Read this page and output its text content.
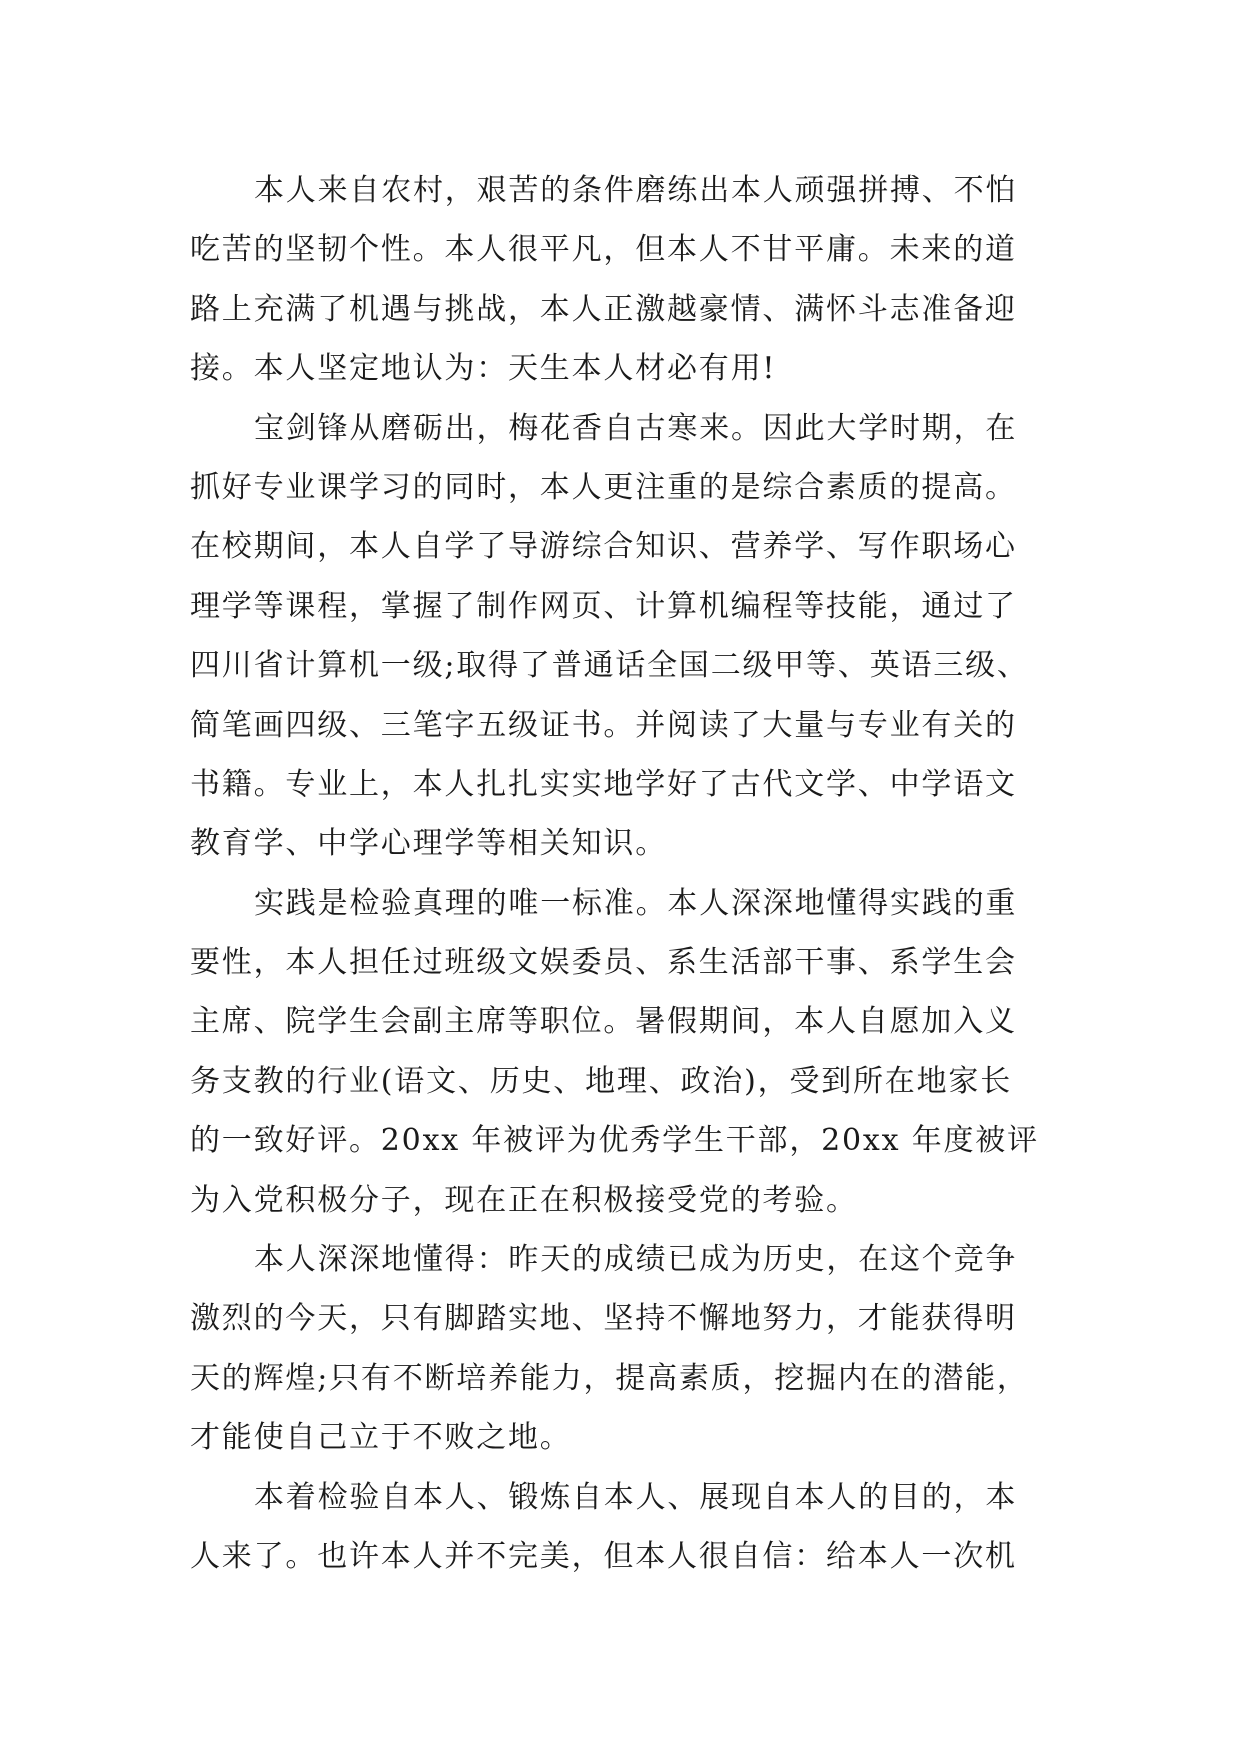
本人来自农村，艰苦的条件磨练出本人顽强拼搏、不怕
吃苦的坚韧个性。本人很平凡，但本人不甘平庸。未来的道
路上充满了机遇与挑战，本人正激越豪情、满怀斗志准备迎
接。本人坚定地认为：天生本人材必有用!
宝剑锋从磨砺出，梅花香自古寒来。因此大学时期，在
抓好专业课学习的同时，本人更注重的是综合素质的提高。
在校期间，本人自学了导游综合知识、营养学、写作职场心
理学等课程，掌握了制作网页、计算机编程等技能，通过了
四川省计算机一级;取得了普通话全国二级甲等、英语三级、
简笔画四级、三笔字五级证书。并阅读了大量与专业有关的
书籍。专业上，本人扎扎实实地学好了古代文学、中学语文
教育学、中学心理学等相关知识。
实践是检验真理的唯一标准。本人深深地懂得实践的重
要性，本人担任过班级文娱委员、系生活部干事、系学生会
主席、院学生会副主席等职位。暑假期间，本人自愿加入义
务支教的行业(语文、历史、地理、政治)，受到所在地家长
的一致好评。20xx 年被评为优秀学生干部，20xx 年度被评
为入党积极分子，现在正在积极接受党的考验。
本人深深地懂得：昨天的成绩已成为历史，在这个竞争
激烈的今天，只有脚踏实地、坚持不懈地努力，才能获得明
天的辉煌;只有不断培养能力，提高素质，挖掘内在的潜能，
才能使自己立于不败之地。
本着检验自本人、锻炼自本人、展现自本人的目的，本
人来了。也许本人并不完美，但本人很自信：给本人一次机
